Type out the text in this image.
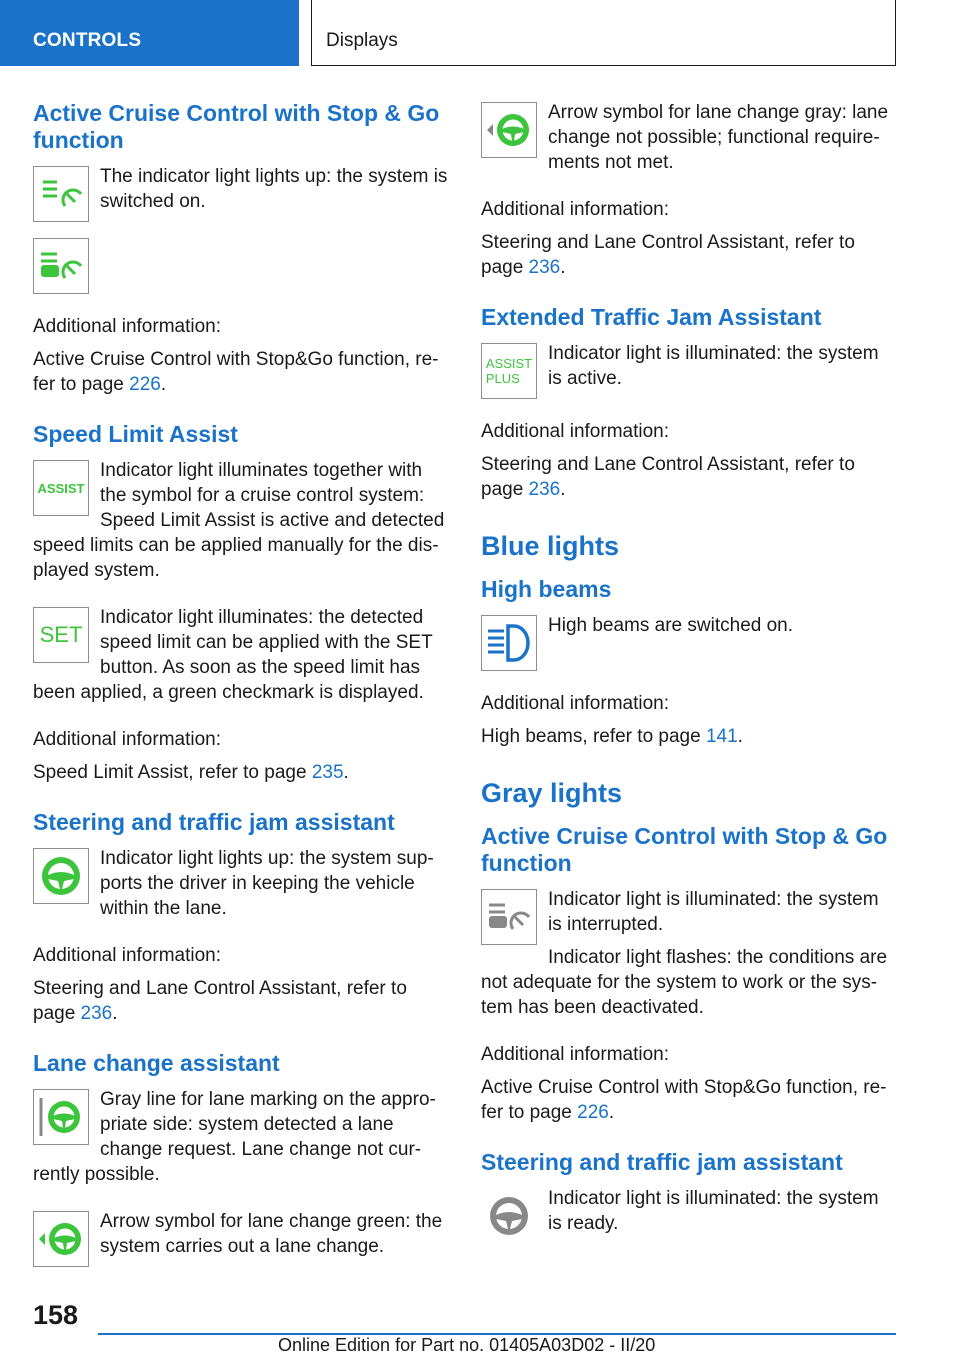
CONTROLS	Displays
Active Cruise Control with Stop & Go function

The indicator light lights up: the system is switched on.

Additional information:

Active Cruise Control with Stop&Go function, re-fer to page 226.

Speed Limit Assist
ASSIST

Indicator light illuminates together with the symbol for a cruise control system: Speed Limit Assist is active and detected speed limits can be applied manually for the dis-played system.

SET

Indicator light illuminates: the detected speed limit can be applied with the SET button. As soon as the speed limit has been applied, a green checkmark is displayed.

Additional information:

Speed Limit Assist, refer to page 235.

Steering and traffic jam assistant

Indicator light lights up: the system sup-ports the driver in keeping the vehicle within the lane.

Additional information:

Steering and Lane Control Assistant, refer to page 236.

Lane change assistant

Gray line for lane marking on the appro-priate side: system detected a lane change request. Lane change not cur-rently possible.

Arrow symbol for lane change green: the system carries out a lane change.

Arrow symbol for lane change gray: lane change not possible; functional require-ments not met.

Additional information:

Steering and Lane Control Assistant, refer to page 236.

Extended Traffic Jam Assistant
ASSIST
PLUS

Indicator light is illuminated: the system is active.

Additional information:

Steering and Lane Control Assistant, refer to page 236.

Blue lights
High beams

High beams are switched on.

Additional information:

High beams, refer to page 141.

Gray lights
Active Cruise Control with Stop & Go function

Indicator light is illuminated: the system is interrupted.

Indicator light flashes: the conditions are not adequate for the system to work or the sys-tem has been deactivated.

Additional information:

Active Cruise Control with Stop&Go function, re-fer to page 226.

Steering and traffic jam assistant

Indicator light is illuminated: the system is ready.

158
Online Edition for Part no. 01405A03D02 - II/20
